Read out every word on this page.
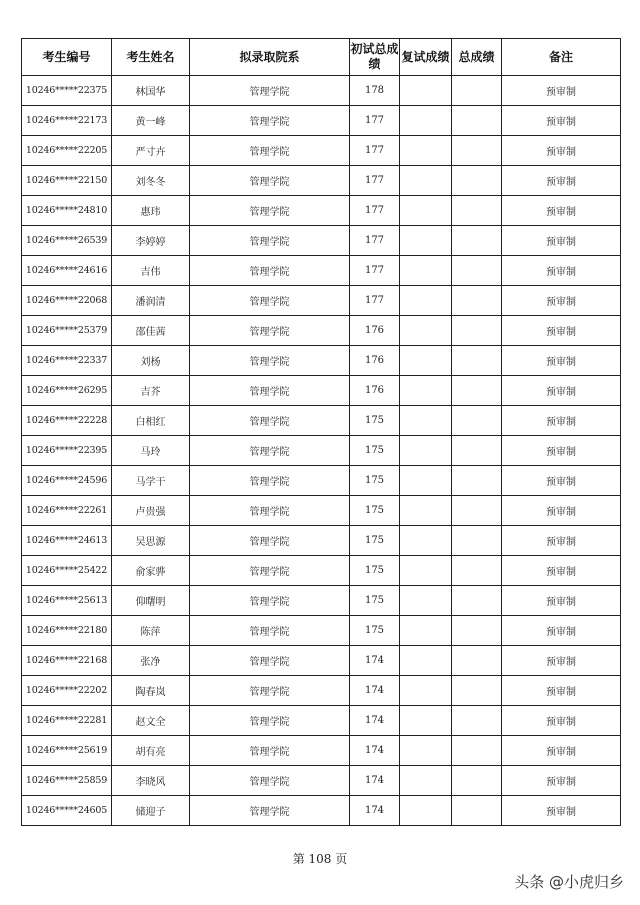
考生编号	考生姓名	拟录取院系	初试总成绩	复试成绩	总成绩	备注
10246*****22375	林国华	管理学院	178			预审制
10246*****22173	黄一峰	管理学院	177			预审制
10246*****22205	严寸卉	管理学院	177			预审制
10246*****22150	刘冬冬	管理学院	177			预审制
10246*****24810	惠玮	管理学院	177			预审制
10246*****26539	李婷婷	管理学院	177			预审制
10246*****24616	吉伟	管理学院	177			预审制
10246*****22068	潘润清	管理学院	177			预审制
10246*****25379	邵佳茜	管理学院	176			预审制
10246*****22337	刘杨	管理学院	176			预审制
10246*****26295	吉芥	管理学院	176			预审制
10246*****22228	白相红	管理学院	175			预审制
10246*****22395	马玲	管理学院	175			预审制
10246*****24596	马学干	管理学院	175			预审制
10246*****22261	卢贵强	管理学院	175			预审制
10246*****24613	吴思源	管理学院	175			预审制
10246*****25422	俞家骅	管理学院	175			预审制
10246*****25613	仰曙明	管理学院	175			预审制
10246*****22180	陈萍	管理学院	175			预审制
10246*****22168	张净	管理学院	174			预审制
10246*****22202	陶春岚	管理学院	174			预审制
10246*****22281	赵文全	管理学院	174			预审制
10246*****25619	胡有亮	管理学院	174			预审制
10246*****25859	李晓风	管理学院	174			预审制
10246*****24605	储迎子	管理学院	174			预审制
第 108 页
头条 @小虎归乡
